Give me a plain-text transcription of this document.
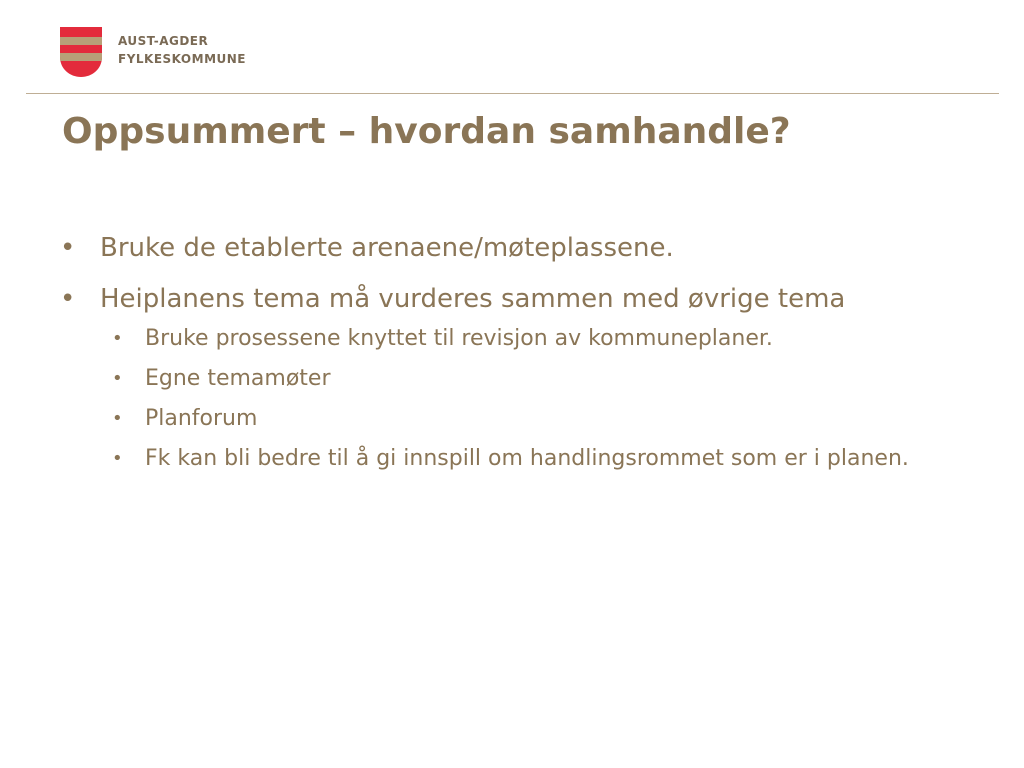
AUST-AGDER
FYLKESKOMMUNE
Oppsummert – hvordan samhandle?
• Bruke de etablerte arenaene/møteplassene.
• Heiplanens tema må vurderes sammen med øvrige tema
• Bruke prosessene knyttet til revisjon av kommuneplaner.
• Egne temamøter
• Planforum
• Fk kan bli bedre til å gi innspill om handlingsrommet som er i planen.
